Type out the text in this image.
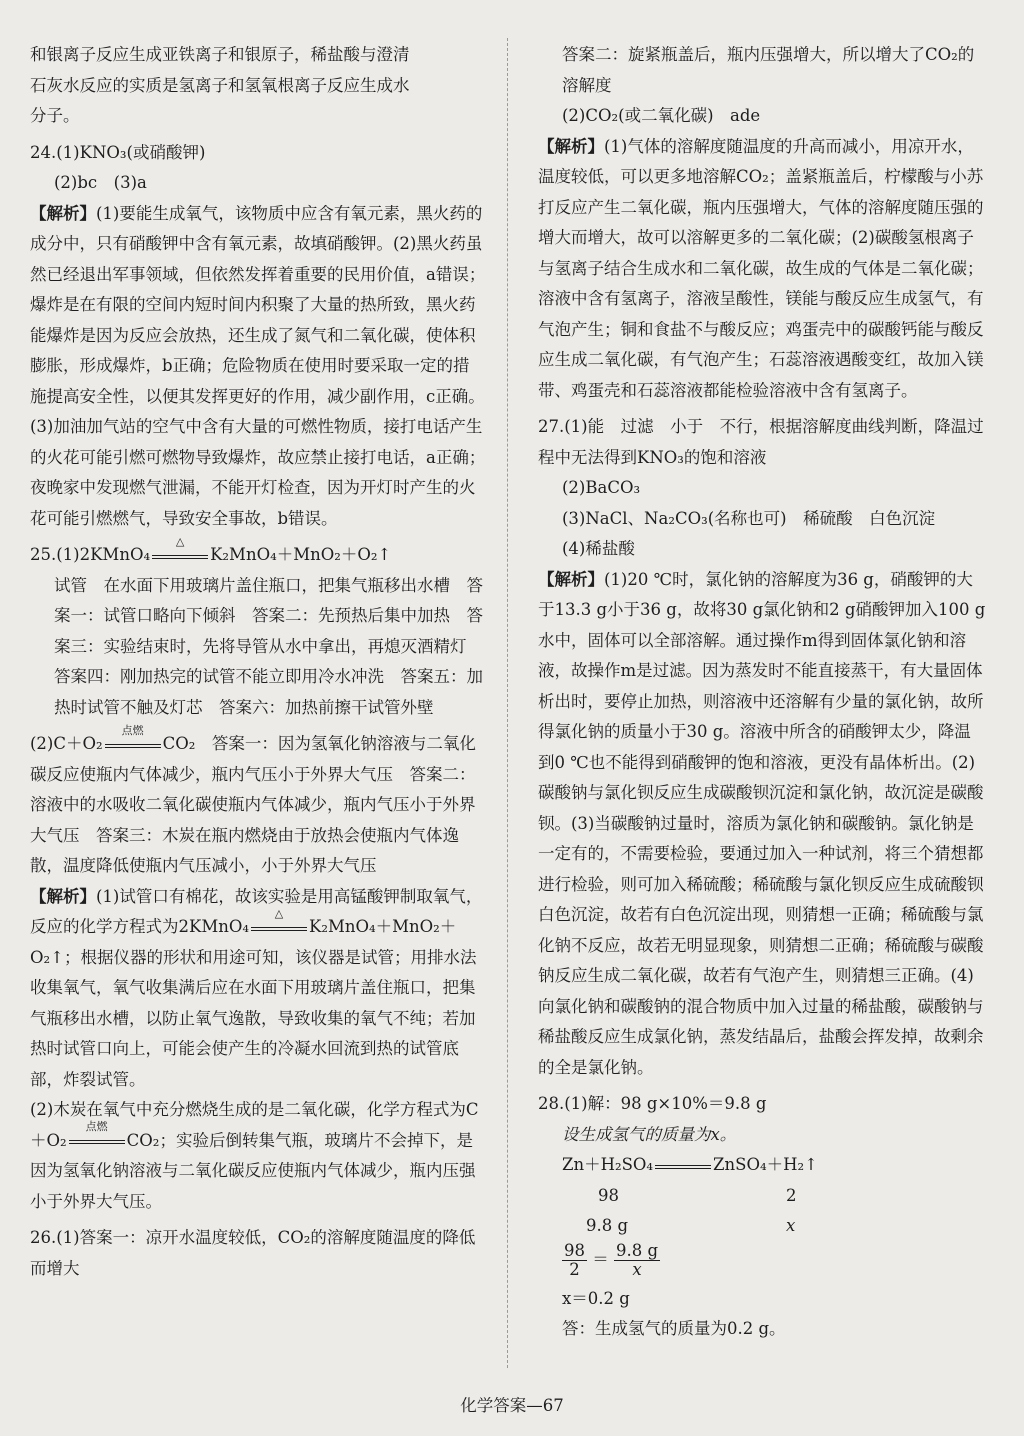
和银离子反应生成亚铁离子和银原子，稀盐酸与澄清

石灰水反应的实质是氢离子和氢氧根离子反应生成水

分子。

24.(1)KNO₃(或硝酸钾)

(2)bc　(3)a

【解析】(1)要能生成氧气，该物质中应含有氧元素，黑火药的成分中，只有硝酸钾中含有氧元素，故填硝酸钾。(2)黑火药虽然已经退出军事领域，但依然发挥着重要的民用价值，a错误；爆炸是在有限的空间内短时间内积聚了大量的热所致，黑火药能爆炸是因为反应会放热，还生成了氮气和二氧化碳，使体积膨胀，形成爆炸，b正确；危险物质在使用时要采取一定的措施提高安全性，以便其发挥更好的作用，减少副作用，c正确。(3)加油加气站的空气中含有大量的可燃性物质，接打电话产生的火花可能引燃可燃物导致爆炸，故应禁止接打电话，a正确；夜晚家中发现燃气泄漏，不能开灯检查，因为开灯时产生的火花可能引燃燃气，导致安全事故，b错误。

25.(1)2KMnO₄
△
K₂MnO₄＋MnO₂＋O₂↑

试管　在水面下用玻璃片盖住瓶口，把集气瓶移出水槽　答案一：试管口略向下倾斜　答案二：先预热后集中加热　答案三：实验结束时，先将导管从水中拿出，再熄灭酒精灯　答案四：刚加热完的试管不能立即用冷水冲洗　答案五：加热时试管不触及灯芯　答案六：加热前擦干试管外壁

(2)C＋O₂
点燃
CO₂　 答案一：因为氢氧化钠溶液与二氧化碳反应使瓶内气体减少，瓶内气压小于外界大气压　答案二：溶液中的水吸收二氧化碳使瓶内气体减少，瓶内气压小于外界大气压　答案三：木炭在瓶内燃烧由于放热会使瓶内气体逸散，温度降低使瓶内气压减小，小于外界大气压

【解析】(1)试管口有棉花，故该实验是用高锰酸钾制取氧气，反应的化学方程式为2KMnO₄
△
K₂MnO₄＋MnO₂＋O₂↑；根据仪器的形状和用途可知，该仪器是试管；用排水法收集氧气，氧气收集满后应在水面下用玻璃片盖住瓶口，把集气瓶移出水槽，以防止氧气逸散，导致收集的氧气不纯；若加热时试管口向上，可能会使产生的冷凝水回流到热的试管底部，炸裂试管。

(2)木炭在氧气中充分燃烧生成的是二氧化碳，化学方程式为C＋O₂
点燃
CO₂；实验后倒转集气瓶，玻璃片不会掉下，是因为氢氧化钠溶液与二氧化碳反应使瓶内气体减少，瓶内压强小于外界大气压。

26.(1)答案一：凉开水温度较低，CO₂的溶解度随温度的降低而增大

答案二：旋紧瓶盖后，瓶内压强增大，所以增大了CO₂的溶解度

(2)CO₂(或二氧化碳)　ade

【解析】(1)气体的溶解度随温度的升高而减小，用凉开水，温度较低，可以更多地溶解CO₂；盖紧瓶盖后，柠檬酸与小苏打反应产生二氧化碳，瓶内压强增大，气体的溶解度随压强的增大而增大，故可以溶解更多的二氧化碳；(2)碳酸氢根离子与氢离子结合生成水和二氧化碳，故生成的气体是二氧化碳；溶液中含有氢离子，溶液呈酸性，镁能与酸反应生成氢气，有气泡产生；铜和食盐不与酸反应；鸡蛋壳中的碳酸钙能与酸反应生成二氧化碳，有气泡产生；石蕊溶液遇酸变红，故加入镁带、鸡蛋壳和石蕊溶液都能检验溶液中含有氢离子。

27.(1)能　过滤　小于　不行，根据溶解度曲线判断，降温过程中无法得到KNO₃的饱和溶液

(2)BaCO₃

(3)NaCl、Na₂CO₃(名称也可)　稀硫酸　白色沉淀

(4)稀盐酸

【解析】(1)20 ℃时，氯化钠的溶解度为36 g，硝酸钾的大于13.3 g小于36 g，故将30 g氯化钠和2 g硝酸钾加入100 g水中，固体可以全部溶解。通过操作m得到固体氯化钠和溶液，故操作m是过滤。因为蒸发时不能直接蒸干，有大量固体析出时，要停止加热，则溶液中还溶解有少量的氯化钠，故所得氯化钠的质量小于30 g。溶液中所含的硝酸钾太少，降温到0 ℃也不能得到硝酸钾的饱和溶液，更没有晶体析出。(2)碳酸钠与氯化钡反应生成碳酸钡沉淀和氯化钠，故沉淀是碳酸钡。(3)当碳酸钠过量时，溶质为氯化钠和碳酸钠。氯化钠是一定有的，不需要检验，要通过加入一种试剂，将三个猜想都进行检验，则可加入稀硫酸；稀硫酸与氯化钡反应生成硫酸钡白色沉淀，故若有白色沉淀出现，则猜想一正确；稀硫酸与氯化钠不反应，故若无明显现象，则猜想二正确；稀硫酸与碳酸钠反应生成二氧化碳，故若有气泡产生，则猜想三正确。(4)向氯化钠和碳酸钠的混合物质中加入过量的稀盐酸，碳酸钠与稀盐酸反应生成氯化钠，蒸发结晶后，盐酸会挥发掉，故剩余的全是氯化钠。

28.(1)解：98 g×10%＝9.8 g

设生成氢气的质量为x。
Zn＋H₂SO₄	ZnSO₄＋H₂↑
98	2
9.8 g	x
$\frac{98}{2} = \frac{9.8 g}{x}$
x＝0.2 g
答：生成氢气的质量为0.2 g。
化学答案—67
